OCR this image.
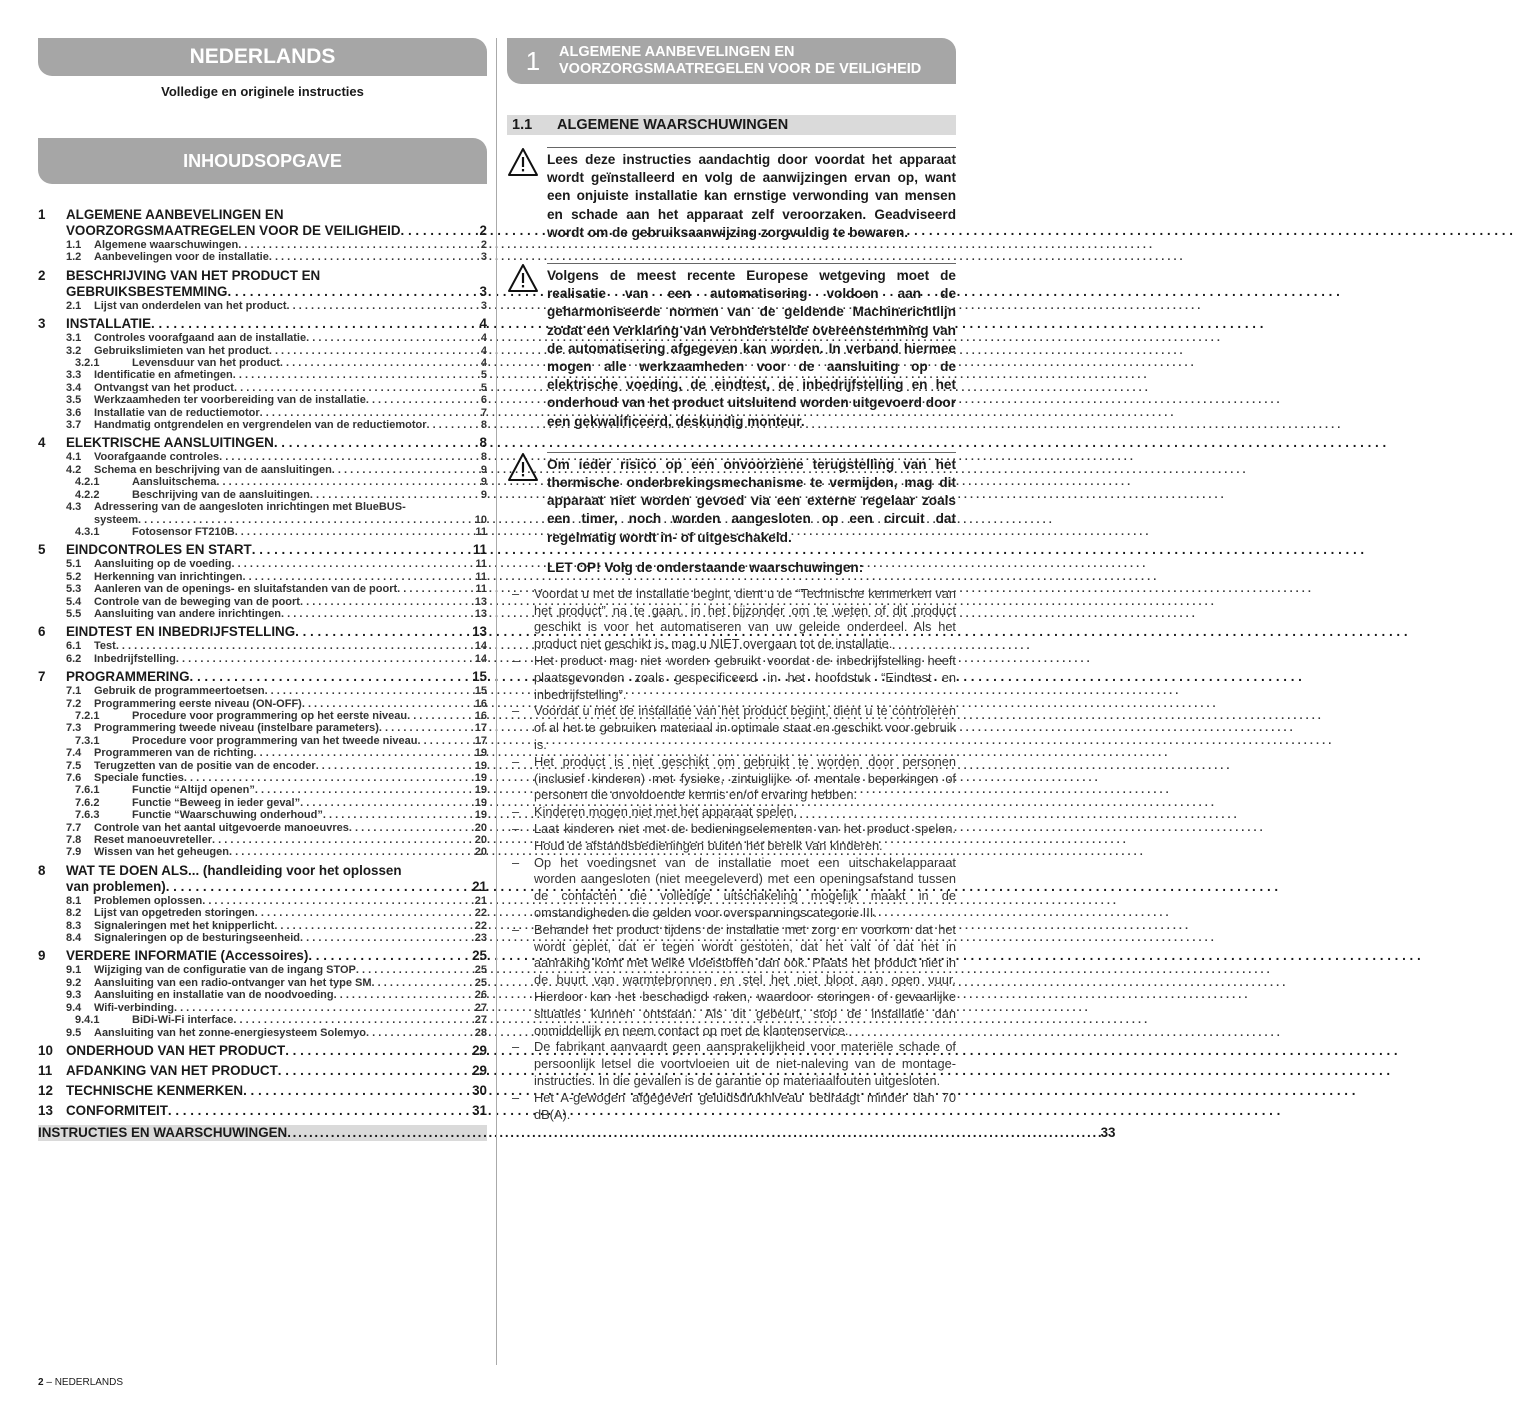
NEDERLANDS
Volledige en originele instructies
INHOUDSOPGAVE
1	ALGEMENE AANBEVELINGEN EN
VOORZORGSMAATREGELEN VOOR DE VEILIGHEID . . .	2
1.1	Algemene waarschuwingen . . .	2
1.2	Aanbevelingen voor de installatie . . .	3
2	BESCHRIJVING VAN HET PRODUCT EN
GEBRUIKSBESTEMMING . . .	3
2.1	Lijst van onderdelen van het product . . .	3
3	INSTALLATIE . . .	4
3.1	Controles voorafgaand aan de installatie . . .	4
3.2	Gebruikslimieten van het product . . .	4
3.2.1	Levensduur van het product . . .	4
3.3	Identificatie en afmetingen . . .	5
3.4	Ontvangst van het product . . .	5
3.5	Werkzaamheden ter voorbereiding van de installatie . . .	6
3.6	Installatie van de reductiemotor . . .	7
3.7	Handmatig ontgrendelen en vergrendelen van de reductiemotor . . .	8
4	ELEKTRISCHE AANSLUITINGEN . . .	8
4.1	Voorafgaande controles . . .	8
4.2	Schema en beschrijving van de aansluitingen . . .	9
4.2.1	Aansluitschema . . .	9
4.2.2	Beschrijving van de aansluitingen . . .	9
4.3	Adressering van de aangesloten inrichtingen met BlueBUS-
systeem . . .	10
4.3.1	Fotosensor FT210B . . .	11
5	EINDCONTROLES EN START . . .	11
5.1	Aansluiting op de voeding . . .	11
5.2	Herkenning van inrichtingen . . .	11
5.3	Aanleren van de openings- en sluitafstanden van de poort . . .	11
5.4	Controle van de beweging van de poort . . .	13
5.5	Aansluiting van andere inrichtingen . . .	13
6	EINDTEST EN INBEDRIJFSTELLING . . .	13
6.1	Test . . .	14
6.2	Inbedrijfstelling . . .	14
7	PROGRAMMERING . . .	15
7.1	Gebruik de programmeertoetsen . . .	15
7.2	Programmering eerste niveau (ON-OFF) . . .	16
7.2.1	Procedure voor programmering op het eerste niveau . . .	16
7.3	Programmering tweede niveau (instelbare parameters) . . .	17
7.3.1	Procedure voor programmering van het tweede niveau . . .	17
7.4	Programmeren van de richting . . .	19
7.5	Terugzetten van de positie van de encoder . . .	19
7.6	Speciale functies . . .	19
7.6.1	Functie “Altijd openen” . . .	19
7.6.2	Functie “Beweeg in ieder geval” . . .	19
7.6.3	Functie “Waarschuwing onderhoud” . . .	19
7.7	Controle van het aantal uitgevoerde manoeuvres . . .	20
7.8	Reset manoeuvreteller . . .	20
7.9	Wissen van het geheugen . . .	20
8	WAT TE DOEN ALS... (handleiding voor het oplossen
van problemen) . . .	21
8.1	Problemen oplossen . . .	21
8.2	Lijst van opgetreden storingen . . .	22
8.3	Signaleringen met het knipperlicht . . .	22
8.4	Signaleringen op de besturingseenheid . . .	23
9	VERDERE INFORMATIE (Accessoires) . . .	25
9.1	Wijziging van de configuratie van de ingang STOP . . .	25
9.2	Aansluiting van een radio-ontvanger van het type SM . . .	25
9.3	Aansluiting en installatie van de noodvoeding . . .	26
9.4	Wifi-verbinding . . .	27
9.4.1	BiDi-Wi-Fi interface . . .	27
9.5	Aansluiting van het zonne-energiesysteem Solemyo . . .	28
10 ONDERHOUD VAN HET PRODUCT . . .	29
11	AFDANKING VAN HET PRODUCT . . .	29
12 TECHNISCHE KENMERKEN . . .	30
13 CONFORMITEIT . . .	31
INSTRUCTIES EN WAARSCHUWINGEN . . .	33
1	ALGEMENE AANBEVELINGEN EN
VOORZORGSMAATREGELEN VOOR DE VEILIGHEID
1.1	ALGEMENE WAARSCHUWINGEN
Lees deze instructies aandachtig door voordat het apparaat wordt geïnstalleerd en volg de aanwijzingen ervan op, want een onjuiste installatie kan ernstige verwonding van mensen en schade aan het apparaat zelf veroorzaken. Geadviseerd wordt om de gebruiksaanwijzing zorgvuldig te bewaren.
Volgens de meest recente Europese wetgeving moet de realisatie van een automatisering voldoen aan de geharmoniseerde normen van de geldende Machinerichtlijn zodat een verklaring van veronderstelde overeenstemming van de automatisering afgegeven kan worden. In verband hiermee mogen alle werkzaamheden voor de aansluiting op de elektrische voeding, de eindtest, de inbedrijfstelling en het onderhoud van het product uitsluitend worden uitgevoerd door een gekwalificeerd, deskundig monteur.
Om ieder risico op een onvoorziene terugstelling van het thermische onderbrekingsmechanisme te vermijden, mag dit apparaat niet worden gevoed via een externe regelaar zoals een timer, noch worden aangesloten op een circuit dat regelmatig wordt in- of uitgeschakeld.
LET OP! Volg de onderstaande waarschuwingen:
–	Voordat u met de installatie begint, dient u de “Technische kenmerken van het product” na te gaan, in het bijzonder om te weten of dit product geschikt is voor het automatiseren van uw geleide onderdeel. Als het product niet geschikt is, mag u NIET overgaan tot de installatie.
–	Het product mag niet worden gebruikt voordat de inbedrijfstelling heeft plaatsgevonden zoals gespecificeerd in het hoofdstuk “Eindtest en inbedrijfstelling”.
–	Voordat u met de installatie van het product begint, dient u te controleren of al het te gebruiken materiaal in optimale staat en geschikt voor gebruik is.
–	Het product is niet geschikt om gebruikt te worden door personen (inclusief kinderen) met fysieke, zintuiglijke of mentale beperkingen of personen die onvoldoende kennis en/of ervaring hebben.
–	Kinderen mogen niet met het apparaat spelen.
–	Laat kinderen niet met de bedieningselementen van het product spelen. Houd de afstandsbedieningen buiten het bereik van kinderen.
–	Op het voedingsnet van de installatie moet een uitschakelapparaat worden aangesloten (niet meegeleverd) met een openingsafstand tussen de contacten die volledige uitschakeling mogelijk maakt in de omstandigheden die gelden voor overspanningscategorie III.
–	Behandel het product tijdens de installatie met zorg en voorkom dat het wordt geplet, dat er tegen wordt gestoten, dat het valt of dat het in aanraking komt met welke vloeistoffen dan ook. Plaats het product niet in de buurt van warmtebronnen en stel het niet bloot aan open vuur. Hierdoor kan het beschadigd raken, waardoor storingen of gevaarlijke situaties kunnen ontstaan. Als dit gebeurt, stop de installatie dan onmiddellijk en neem contact op met de klantenservice.
–	De fabrikant aanvaardt geen aansprakelijkheid voor materiële schade of persoonlijk letsel die voortvloeien uit de niet-naleving van de montage-instructies. In die gevallen is de garantie op materiaalfouten uitgesloten.
–	Het A-gewogen afgegeven geluidsdrukniveau bedraagt minder dan 70 dB(A).
2 – NEDERLANDS
